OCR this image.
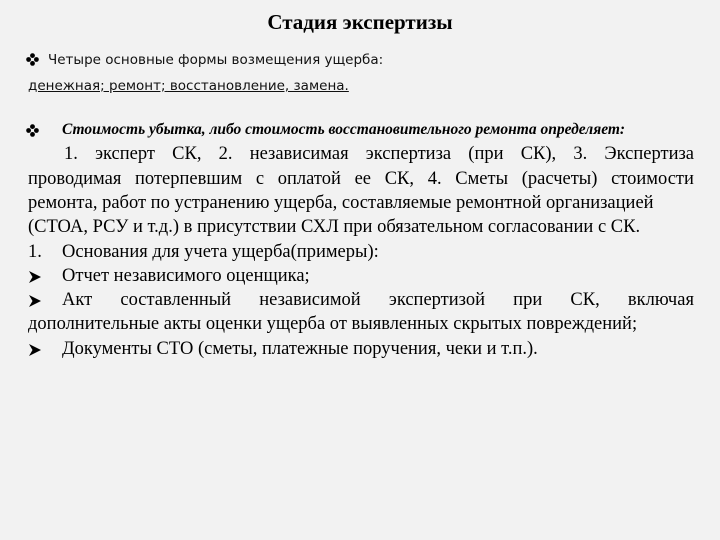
Стадия экспертизы
Четыре основные формы возмещения ущерба:
денежная; ремонт; восстановление, замена.
Стоимость убытка, либо стоимость восстановительного ремонта определяет:
1. эксперт СК, 2. независимая экспертиза (при СК), 3. Экспертиза
проводимая потерпевшим с оплатой ее СК, 4. Сметы (расчеты) стоимости
ремонта, работ по устранению ущерба, составляемые ремонтной организацией
(СТОА, РСУ и т.д.) в присутствии СХЛ при обязательном согласовании с СК.
1. Основания для учета ущерба(примеры):
Отчет независимого оценщика;
Акт составленный независимой экспертизой при СК, включая
дополнительные акты оценки ущерба от выявленных скрытых повреждений;
Документы СТО (сметы, платежные поручения, чеки и т.п.).
